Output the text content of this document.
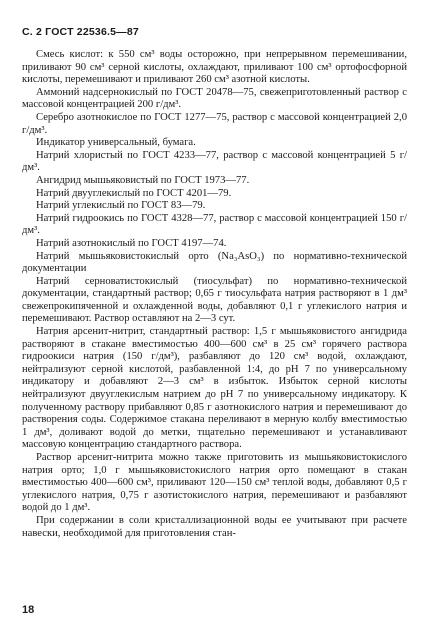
С. 2 ГОСТ 22536.5—87

Смесь кислот: к 550 см³ воды осторожно, при непрерывном перемешивании, приливают 90 см³ серной кислоты, охлаждают, приливают 100 см³ ортофосфорной кислоты, перемешивают и приливают 260 см³ азотной кислоты.

Аммоний надсернокислый по ГОСТ 20478—75, свежеприготовленный раствор с массовой концентрацией 200 г/дм³.

Серебро азотнокислое по ГОСТ 1277—75, раствор с массовой концентрацией 2,0 г/дм³.

Индикатор универсальный, бумага.

Натрий хлористый по ГОСТ 4233—77, раствор с массовой концентрацией 5 г/дм³.

Ангидрид мышьяковистый по ГОСТ 1973—77.

Натрий двууглекислый по ГОСТ 4201—79.

Натрий углекислый по ГОСТ 83—79.

Натрий гидроокись по ГОСТ 4328—77, раствор с массовой концентрацией 150 г/дм³.

Натрий азотнокислый по ГОСТ 4197—74.

Натрий мышьяковистокислый орто (Na₃AsO₃) по нормативно-технической документации

Натрий серноватистокислый (тиосульфат) по нормативно-технической документации, стандартный раствор; 0,65 г тиосульфата натрия растворяют в 1 дм³ свежепрокипяченной и охлажденной воды, добавляют 0,1 г углекислого натрия и перемешивают. Раствор оставляют на 2—3 сут.

Натрия арсенит-нитрит, стандартный раствор: 1,5 г мышьяковистого ангидрида растворяют в стакане вместимостью 400—600 см³ в 25 см³ горячего раствора гидроокиси натрия (150 г/дм³), разбавляют до 120 см³ водой, охлаждают, нейтрализуют серной кислотой, разбавленной 1:4, до pH 7 по универсальному индикатору и добавляют 2—3 см³ в избыток. Избыток серной кислоты нейтрализуют двууглекислым натрием до pH 7 по универсальному индикатору. К полученному раствору прибавляют 0,85 г азотнокислого натрия и перемешивают до растворения соды. Содержимое стакана переливают в мерную колбу вместимостью 1 дм³, доливают водой до метки, тщательно перемешивают и устанавливают массовую концентрацию стандартного раствора.

Раствор арсенит-нитрита можно также приготовить из мышьяковистокислого натрия орто; 1,0 г мышьяковистокислого натрия орто помещают в стакан вместимостью 400—600 см³, приливают 120—150 см³ теплой воды, добавляют 0,5 г углекислого натрия, 0,75 г азотистокислого натрия, перемешивают и разбавляют водой до 1 дм³.

При содержании в соли кристаллизационной воды ее учитывают при расчете навески, необходимой для приготовления стан-

18
